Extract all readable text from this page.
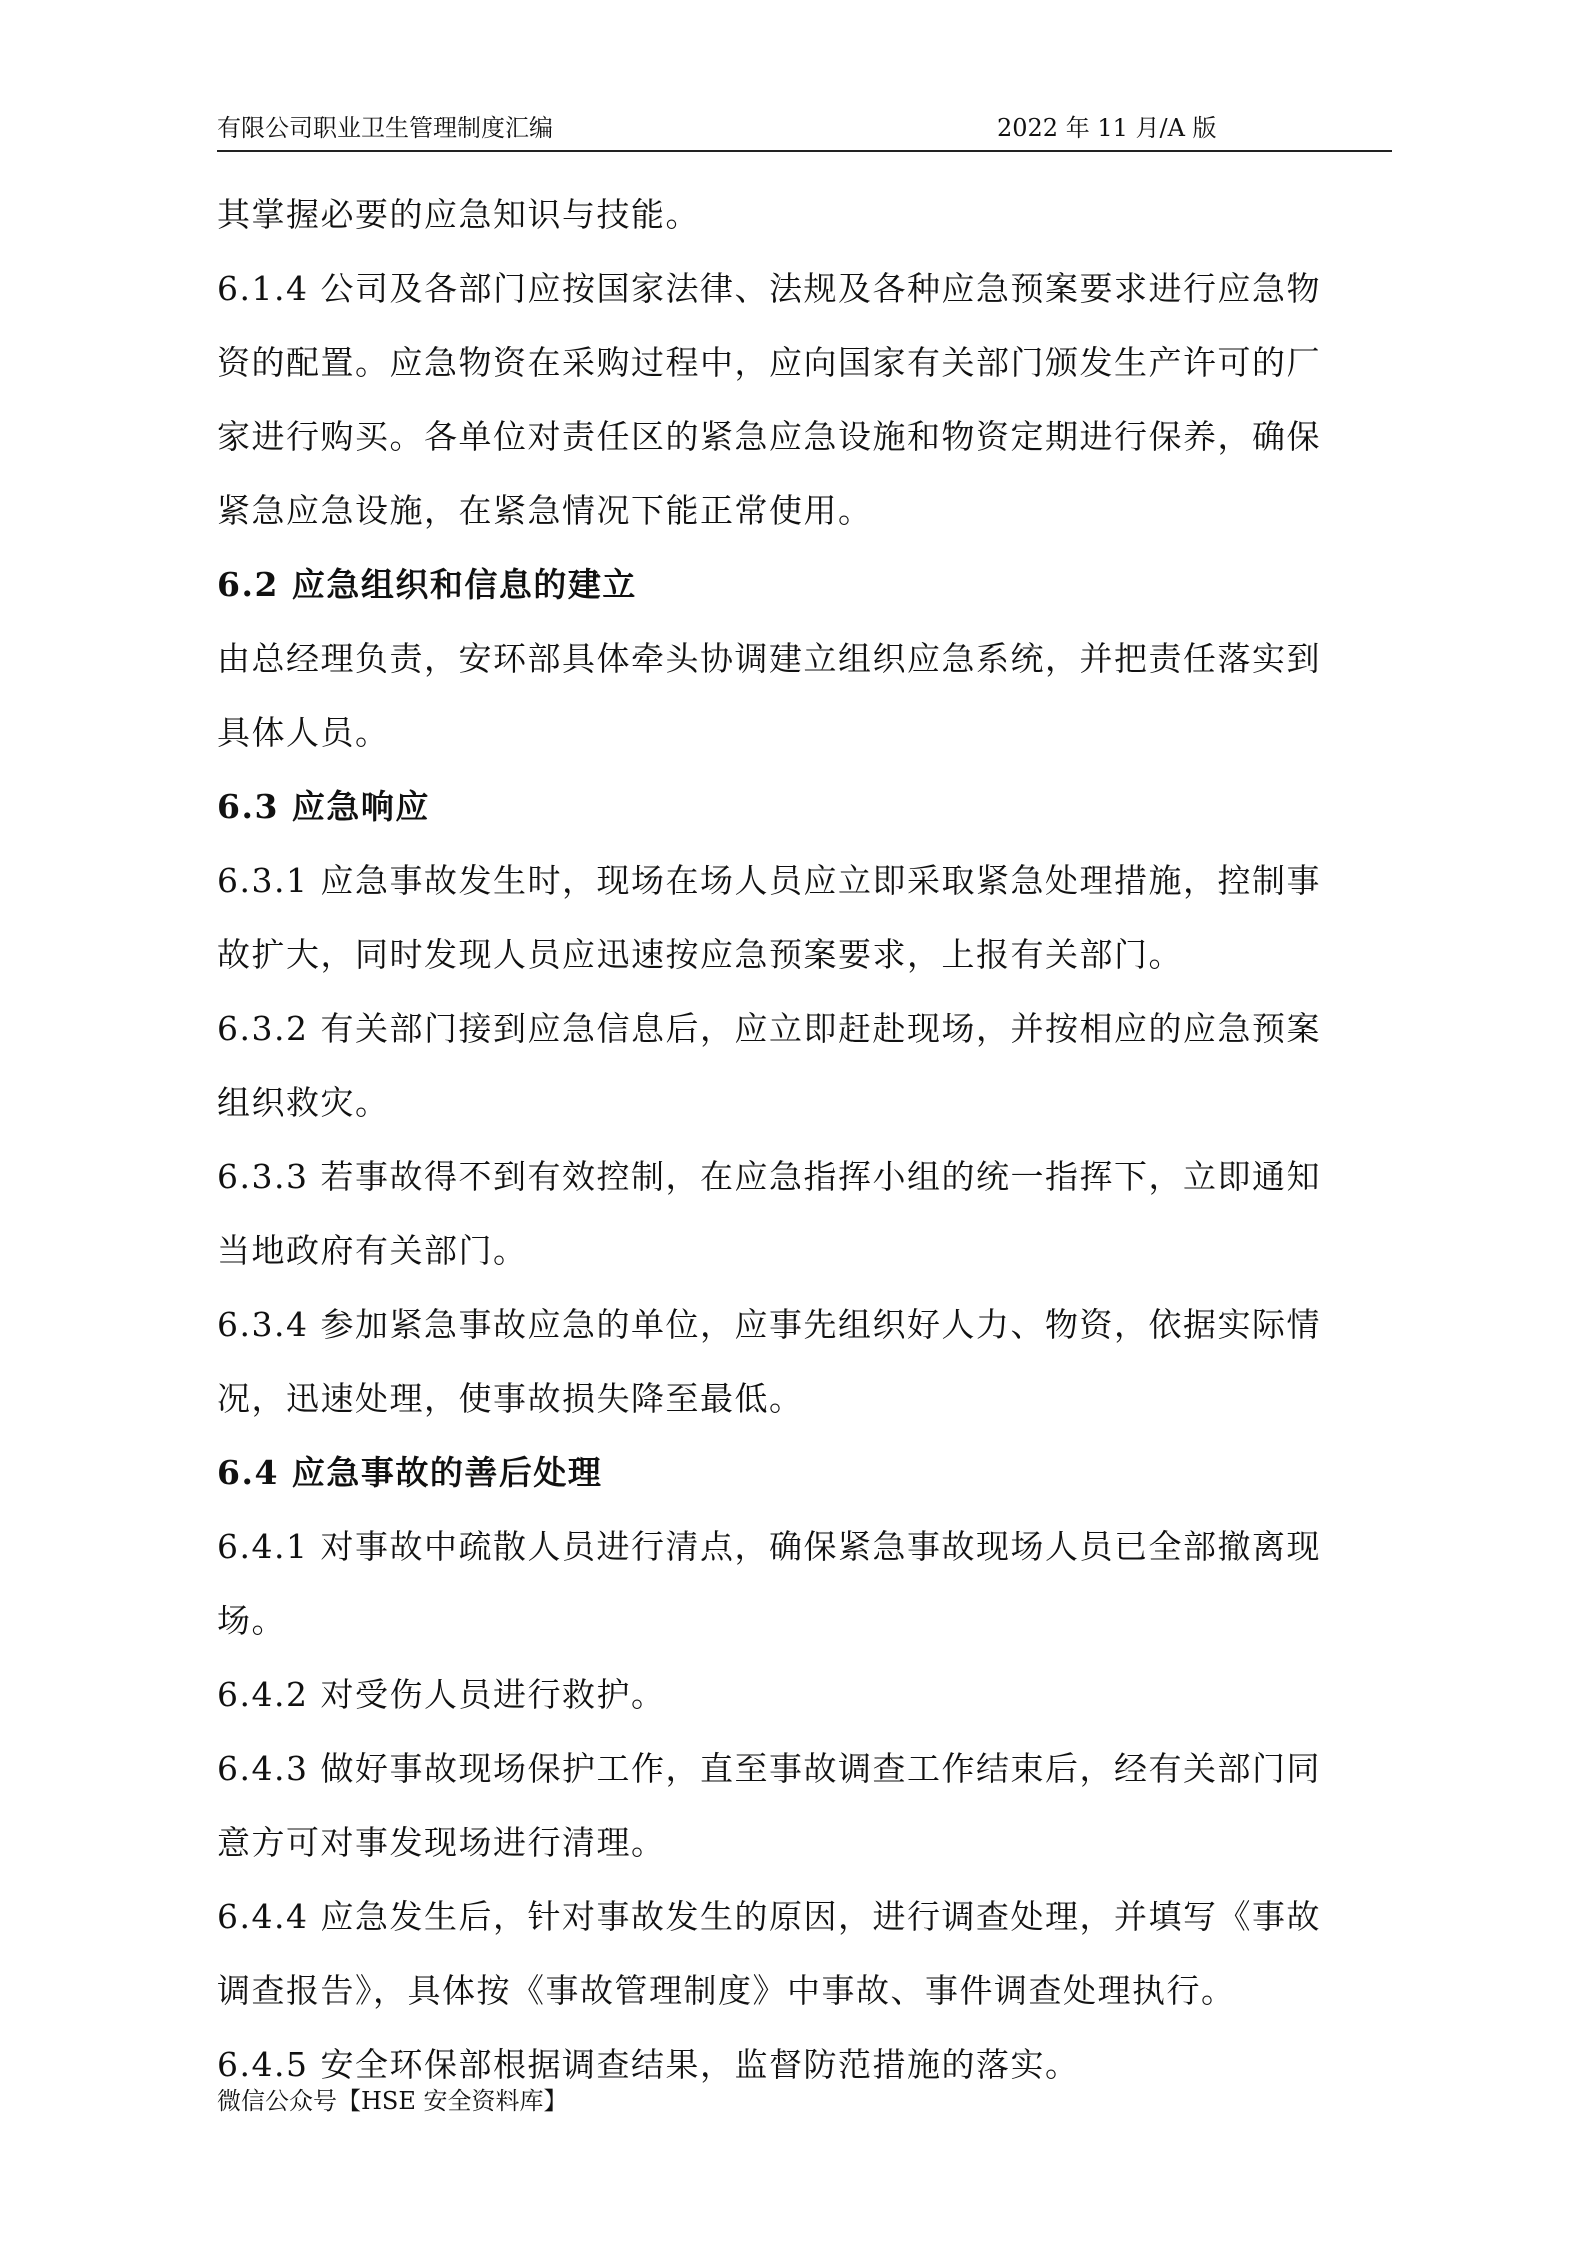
有限公司职业卫生管理制度汇编	2022 年 11 月/A 版
其掌握必要的应急知识与技能。
6.1.4 公司及各部门应按国家法律、法规及各种应急预案要求进行应急物
资的配置。应急物资在采购过程中，应向国家有关部门颁发生产许可的厂
家进行购买。各单位对责任区的紧急应急设施和物资定期进行保养，确保
紧急应急设施，在紧急情况下能正常使用。
6.2 应急组织和信息的建立
由总经理负责，安环部具体牵头协调建立组织应急系统，并把责任落实到
具体人员。
6.3 应急响应
6.3.1 应急事故发生时，现场在场人员应立即采取紧急处理措施，控制事
故扩大，同时发现人员应迅速按应急预案要求，上报有关部门。
6.3.2 有关部门接到应急信息后，应立即赶赴现场，并按相应的应急预案
组织救灾。
6.3.3 若事故得不到有效控制，在应急指挥小组的统一指挥下，立即通知
当地政府有关部门。
6.3.4 参加紧急事故应急的单位，应事先组织好人力、物资，依据实际情
况，迅速处理，使事故损失降至最低。
6.4 应急事故的善后处理
6.4.1 对事故中疏散人员进行清点，确保紧急事故现场人员已全部撤离现
场。
6.4.2 对受伤人员进行救护。
6.4.3 做好事故现场保护工作，直至事故调查工作结束后，经有关部门同
意方可对事发现场进行清理。
6.4.4 应急发生后，针对事故发生的原因，进行调查处理，并填写《事故
调查报告》，具体按《事故管理制度》中事故、事件调查处理执行。
6.4.5 安全环保部根据调查结果，监督防范措施的落实。
微信公众号【HSE 安全资料库】
